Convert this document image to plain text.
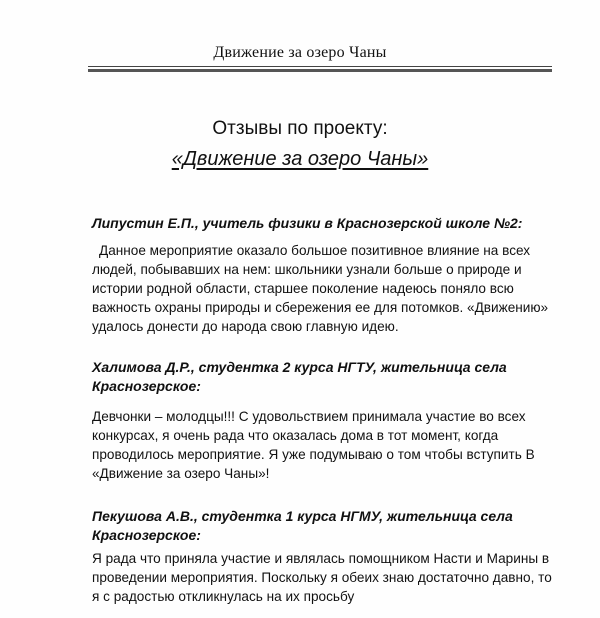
Движение за озеро Чаны
Отзывы по проекту:
«Движение за озеро Чаны»
Липустин Е.П., учитель физики в Краснозерской школе №2:
Данное мероприятие оказало большое позитивное влияние на всех людей, побывавших на нем: школьники узнали больше о природе и истории родной области, старшее поколение надеюсь поняло всю важность охраны природы и сбережения ее для потомков. «Движению» удалось донести до народа свою главную идею.
Халимова Д.Р., студентка 2 курса НГТУ, жительница села Краснозерское:
Девчонки – молодцы!!! С удовольствием принимала участие во всех конкурсах, я очень рада что оказалась дома в тот момент, когда проводилось мероприятие. Я уже подумываю о том чтобы вступить В «Движение за озеро Чаны»!
Пекушова А.В., студентка 1 курса НГМУ, жительница села Краснозерское:
Я рада что приняла участие и являлась помощником Насти и Марины в проведении мероприятия. Поскольку я обеих знаю достаточно давно, то я с радостью откликнулась на их просьбу
